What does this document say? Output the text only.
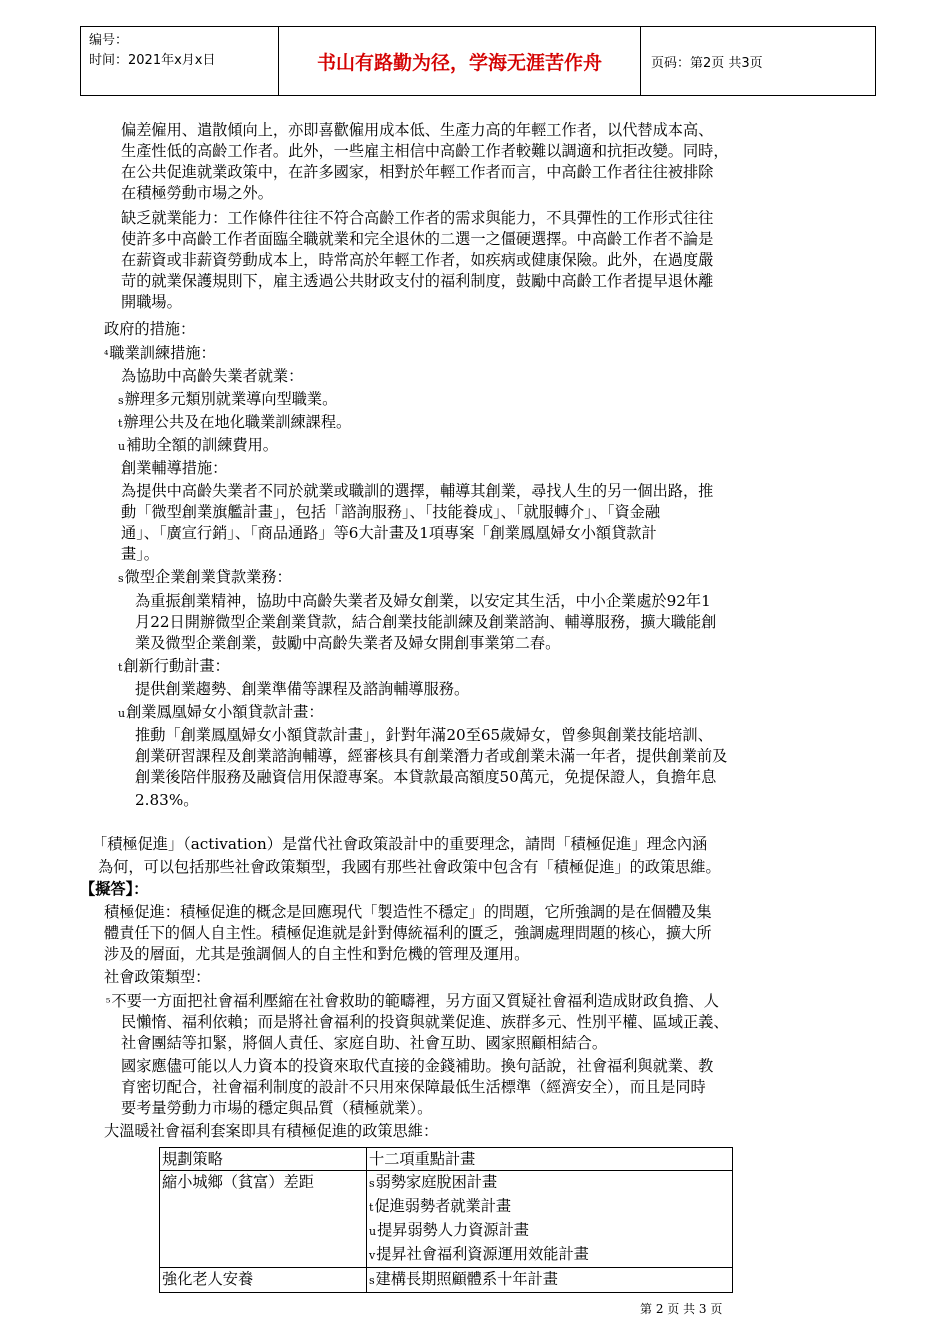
编号：
时间：2021年x月x日	书山有路勤为径，学海无涯苦作舟	页码：第2页 共3页
偏差僱用、遣散傾向上，亦即喜歡僱用成本低、生產力高的年輕工作者，以代替成本高、
生產性低的高齡工作者。此外，一些雇主相信中高齡工作者較難以調適和抗拒改變。同時，
在公共促進就業政策中，在許多國家，相對於年輕工作者而言，中高齡工作者往往被排除
在積極勞動市場之外。
缺乏就業能力：工作條件往往不符合高齡工作者的需求與能力，不具彈性的工作形式往往
使許多中高齡工作者面臨全職就業和完全退休的二選一之僵硬選擇。中高齡工作者不論是
在薪資或非薪資勞動成本上，時常高於年輕工作者，如疾病或健康保險。此外，在過度嚴
苛的就業保護規則下，雇主透過公共財政支付的福利制度，鼓勵中高齡工作者提早退休離
開職場。
政府的措施：
⁴職業訓練措施：
為協助中高齡失業者就業：
s辦理多元類別就業導向型職業。
t辦理公共及在地化職業訓練課程。
u補助全額的訓練費用。
創業輔導措施：
為提供中高齡失業者不同於就業或職訓的選擇，輔導其創業，尋找人生的另一個出路，推
動「微型創業旗艦計畫」，包括「諮詢服務」、「技能養成」、「就服轉介」、「資金融
通」、「廣宣行銷」、「商品通路」等6大計畫及1項專案「創業鳳凰婦女小額貸款計
畫」。
s微型企業創業貸款業務：
為重振創業精神，協助中高齡失業者及婦女創業，以安定其生活，中小企業處於92年1
月22日開辦微型企業創業貸款，結合創業技能訓練及創業諮詢、輔導服務，擴大職能創
業及微型企業創業，鼓勵中高齡失業者及婦女開創事業第二春。
t創新行動計畫：
提供創業趨勢、創業準備等課程及諮詢輔導服務。
u創業鳳凰婦女小額貸款計畫：
推動「創業鳳凰婦女小額貸款計畫」，針對年滿20至65歲婦女，曾參與創業技能培訓、
創業研習課程及創業諮詢輔導，經審核具有創業潛力者或創業未滿一年者，提供創業前及
創業後陪伴服務及融資信用保證專案。本貸款最高額度50萬元，免提保證人，負擔年息
2.83%。
「積極促進」（activation）是當代社會政策設計中的重要理念，請問「積極促進」理念內涵
為何，可以包括那些社會政策類型，我國有那些社會政策中包含有「積極促進」的政策思維。
【擬答】：
積極促進：積極促進的概念是回應現代「製造性不穩定」的問題，它所強調的是在個體及集
體責任下的個人自主性。積極促進就是針對傳統福利的匱乏，強調處理問題的核心，擴大所
涉及的層面，尤其是強調個人的自主性和對危機的管理及運用。
社會政策類型：
⁵不要一方面把社會福利壓縮在社會救助的範疇裡，另方面又質疑社會福利造成財政負擔、人
民懶惰、福利依賴；而是將社會福利的投資與就業促進、族群多元、性別平權、區域正義、
社會團結等扣緊，將個人責任、家庭自助、社會互助、國家照顧相結合。
國家應儘可能以人力資本的投資來取代直接的金錢補助。換句話說，社會福利與就業、教
育密切配合，社會福利制度的設計不只用來保障最低生活標準（經濟安全），而且是同時
要考量勞動力市場的穩定與品質（積極就業）。
大溫暖社會福利套案即具有積極促進的政策思維：
規劃策略	十二項重點計畫
縮小城鄉（貧富）差距	s弱勢家庭脫困計畫
t促進弱勢者就業計畫
u提昇弱勢人力資源計畫
v提昇社會福利資源運用效能計畫

強化老人安養	s建構長期照顧體系十年計畫
第 2 页 共 3 页
